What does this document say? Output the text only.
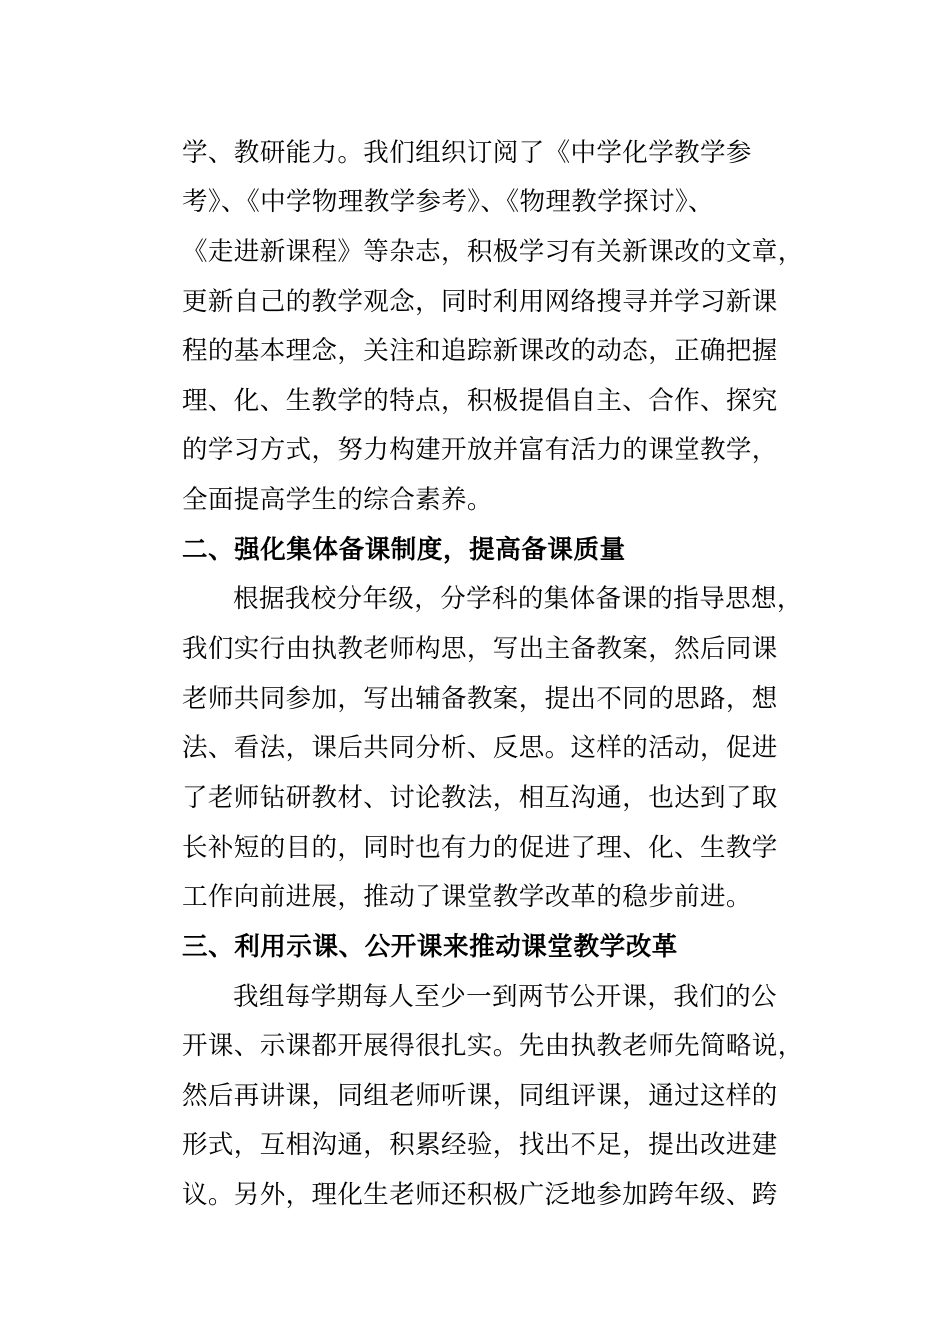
学、教研能力。我们组织订阅了《中学化学教学参
考》、《中学物理教学参考》、《物理教学探讨》、
《走进新课程》等杂志，积极学习有关新课改的文章，
更新自己的教学观念，同时利用网络搜寻并学习新课
程的基本理念，关注和追踪新课改的动态，正确把握
理、化、生教学的特点，积极提倡自主、合作、探究
的学习方式，努力构建开放并富有活力的课堂教学，
全面提高学生的综合素养。
二、强化集体备课制度，提高备课质量
根据我校分年级，分学科的集体备课的指导思想，
我们实行由执教老师构思，写出主备教案，然后同课
老师共同参加，写出辅备教案，提出不同的思路，想
法、看法，课后共同分析、反思。这样的活动，促进
了老师钻研教材、讨论教法，相互沟通，也达到了取
长补短的目的，同时也有力的促进了理、化、生教学
工作向前进展，推动了课堂教学改革的稳步前进。
三、利用示课、公开课来推动课堂教学改革
我组每学期每人至少一到两节公开课，我们的公
开课、示课都开展得很扎实。先由执教老师先简略说，
然后再讲课，同组老师听课，同组评课，通过这样的
形式，互相沟通，积累经验，找出不足，提出改进建
议。另外，理化生老师还积极广泛地参加跨年级、跨
